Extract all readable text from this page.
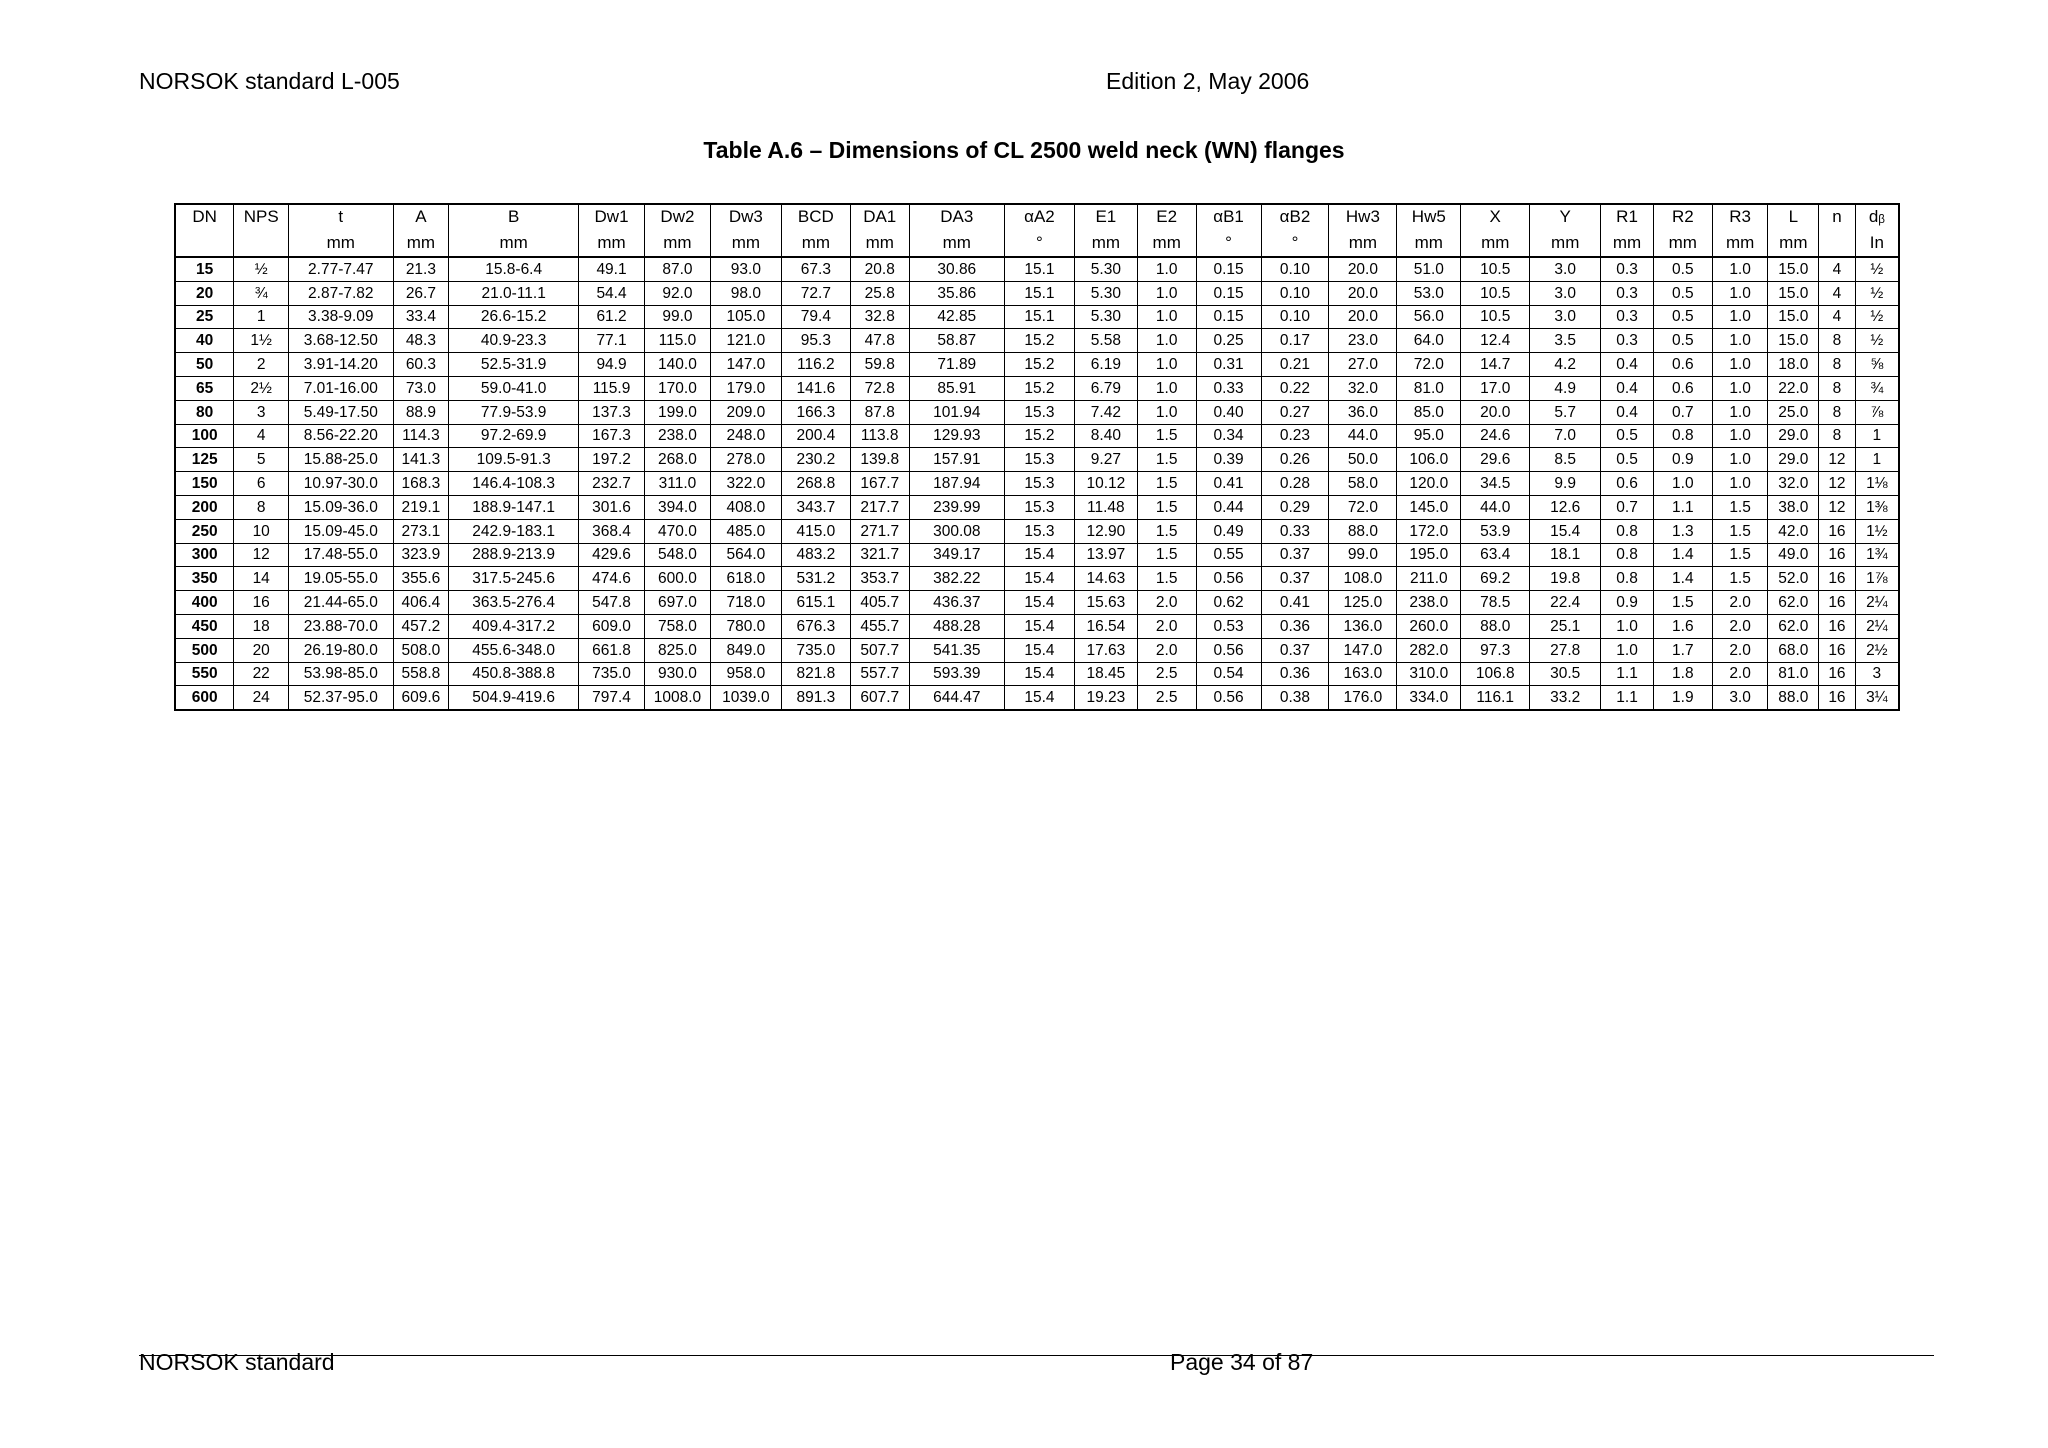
NORSOK standard L-005	Edition 2, May 2006
Table A.6 – Dimensions of CL 2500 weld neck (WN) flanges
DN	NPS	t	A	B	Dw1	Dw2	Dw3	BCD	DA1	DA3	αA2	E1	E2	αB1	αB2	Hw3	Hw5	X	Y	R1	R2	R3	L	n	dᵦ
		mm	mm	mm	mm	mm	mm	mm	mm	mm	°	mm	mm	°	°	mm	mm	mm	mm	mm	mm	mm	mm		In
15	½	2.77-7.47	21.3	15.8-6.4	49.1	87.0	93.0	67.3	20.8	30.86	15.1	5.30	1.0	0.15	0.10	20.0	51.0	10.5	3.0	0.3	0.5	1.0	15.0	4	½
20	¾	2.87-7.82	26.7	21.0-11.1	54.4	92.0	98.0	72.7	25.8	35.86	15.1	5.30	1.0	0.15	0.10	20.0	53.0	10.5	3.0	0.3	0.5	1.0	15.0	4	½
25	1	3.38-9.09	33.4	26.6-15.2	61.2	99.0	105.0	79.4	32.8	42.85	15.1	5.30	1.0	0.15	0.10	20.0	56.0	10.5	3.0	0.3	0.5	1.0	15.0	4	½
40	1½	3.68-12.50	48.3	40.9-23.3	77.1	115.0	121.0	95.3	47.8	58.87	15.2	5.58	1.0	0.25	0.17	23.0	64.0	12.4	3.5	0.3	0.5	1.0	15.0	8	½
50	2	3.91-14.20	60.3	52.5-31.9	94.9	140.0	147.0	116.2	59.8	71.89	15.2	6.19	1.0	0.31	0.21	27.0	72.0	14.7	4.2	0.4	0.6	1.0	18.0	8	⅝
65	2½	7.01-16.00	73.0	59.0-41.0	115.9	170.0	179.0	141.6	72.8	85.91	15.2	6.79	1.0	0.33	0.22	32.0	81.0	17.0	4.9	0.4	0.6	1.0	22.0	8	¾
80	3	5.49-17.50	88.9	77.9-53.9	137.3	199.0	209.0	166.3	87.8	101.94	15.3	7.42	1.0	0.40	0.27	36.0	85.0	20.0	5.7	0.4	0.7	1.0	25.0	8	⅞
100	4	8.56-22.20	114.3	97.2-69.9	167.3	238.0	248.0	200.4	113.8	129.93	15.2	8.40	1.5	0.34	0.23	44.0	95.0	24.6	7.0	0.5	0.8	1.0	29.0	8	1
125	5	15.88-25.0	141.3	109.5-91.3	197.2	268.0	278.0	230.2	139.8	157.91	15.3	9.27	1.5	0.39	0.26	50.0	106.0	29.6	8.5	0.5	0.9	1.0	29.0	12	1
150	6	10.97-30.0	168.3	146.4-108.3	232.7	311.0	322.0	268.8	167.7	187.94	15.3	10.12	1.5	0.41	0.28	58.0	120.0	34.5	9.9	0.6	1.0	1.0	32.0	12	1⅛
200	8	15.09-36.0	219.1	188.9-147.1	301.6	394.0	408.0	343.7	217.7	239.99	15.3	11.48	1.5	0.44	0.29	72.0	145.0	44.0	12.6	0.7	1.1	1.5	38.0	12	1⅜
250	10	15.09-45.0	273.1	242.9-183.1	368.4	470.0	485.0	415.0	271.7	300.08	15.3	12.90	1.5	0.49	0.33	88.0	172.0	53.9	15.4	0.8	1.3	1.5	42.0	16	1½
300	12	17.48-55.0	323.9	288.9-213.9	429.6	548.0	564.0	483.2	321.7	349.17	15.4	13.97	1.5	0.55	0.37	99.0	195.0	63.4	18.1	0.8	1.4	1.5	49.0	16	1¾
350	14	19.05-55.0	355.6	317.5-245.6	474.6	600.0	618.0	531.2	353.7	382.22	15.4	14.63	1.5	0.56	0.37	108.0	211.0	69.2	19.8	0.8	1.4	1.5	52.0	16	1⅞
400	16	21.44-65.0	406.4	363.5-276.4	547.8	697.0	718.0	615.1	405.7	436.37	15.4	15.63	2.0	0.62	0.41	125.0	238.0	78.5	22.4	0.9	1.5	2.0	62.0	16	2¼
450	18	23.88-70.0	457.2	409.4-317.2	609.0	758.0	780.0	676.3	455.7	488.28	15.4	16.54	2.0	0.53	0.36	136.0	260.0	88.0	25.1	1.0	1.6	2.0	62.0	16	2¼
500	20	26.19-80.0	508.0	455.6-348.0	661.8	825.0	849.0	735.0	507.7	541.35	15.4	17.63	2.0	0.56	0.37	147.0	282.0	97.3	27.8	1.0	1.7	2.0	68.0	16	2½
550	22	53.98-85.0	558.8	450.8-388.8	735.0	930.0	958.0	821.8	557.7	593.39	15.4	18.45	2.5	0.54	0.36	163.0	310.0	106.8	30.5	1.1	1.8	2.0	81.0	16	3
600	24	52.37-95.0	609.6	504.9-419.6	797.4	1008.0	1039.0	891.3	607.7	644.47	15.4	19.23	2.5	0.56	0.38	176.0	334.0	116.1	33.2	1.1	1.9	3.0	88.0	16	3¼
NORSOK standard	Page 34 of 87
